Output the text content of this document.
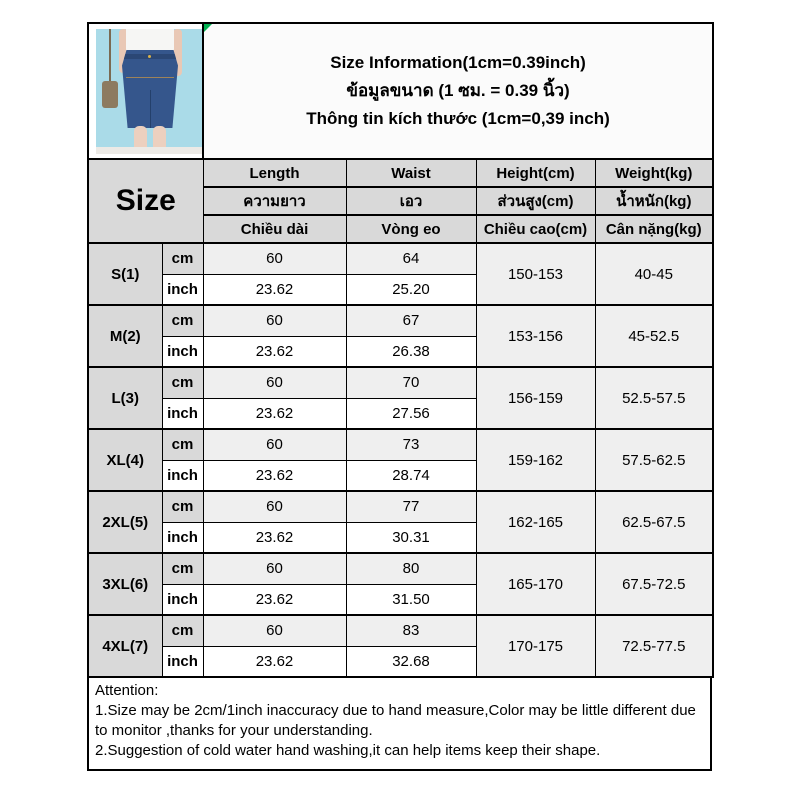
		Size Information(1cm=0.39inch)
ข้อมูลขนาด (1 ซม. = 0.39 นิ้ว)
Thông tin kích thước (1cm=0,39 inch)			

Size		Length	Waist	Height(cm)	Weight(kg)
		ความยาว	เอว	ส่วนสูง(cm)	น้ำหนัก(kg)
		Chiều dài	Vòng eo	Chiều cao(cm)	Cân nặng(kg)
S(1)	cm	60	64	150-153	40-45
	inch	23.62	25.20		
M(2)	cm	60	67	153-156	45-52.5
	inch	23.62	26.38		
L(3)	cm	60	70	156-159	52.5-57.5
	inch	23.62	27.56		
XL(4)	cm	60	73	159-162	57.5-62.5
	inch	23.62	28.74		
2XL(5)	cm	60	77	162-165	62.5-67.5
	inch	23.62	30.31		
3XL(6)	cm	60	80	165-170	67.5-72.5
	inch	23.62	31.50		
4XL(7)	cm	60	83	170-175	72.5-77.5
	inch	23.62	32.68		
Attention:
1.Size may be 2cm/1inch inaccuracy due to hand measure,Color may be little different due to monitor ,thanks for your understanding.
2.Suggestion of cold water hand washing,it can help items keep their shape.
